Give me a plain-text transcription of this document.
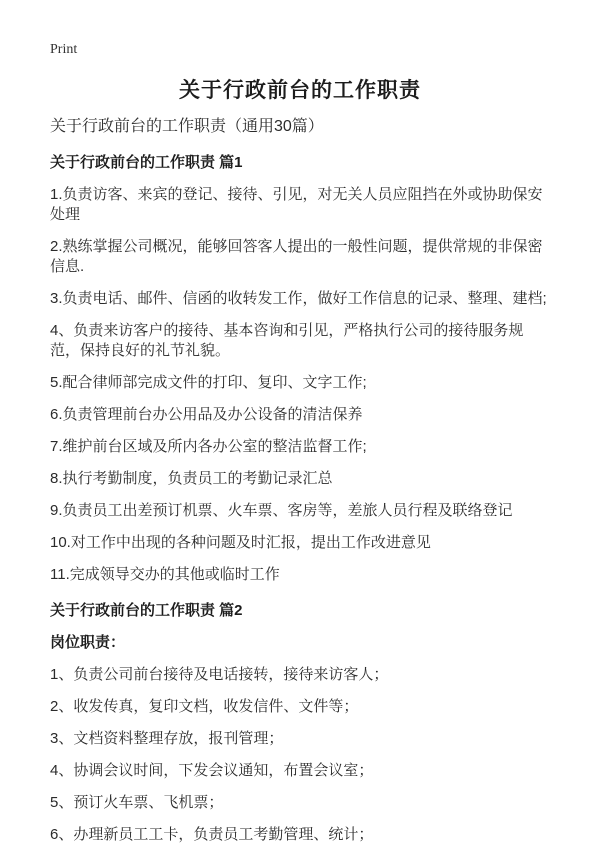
Print
关于行政前台的工作职责

关于行政前台的工作职责（通用30篇）

关于行政前台的工作职责 篇1

1.负责访客、来宾的登记、接待、引见，对无关人员应阻挡在外或协助保安处理

2.熟练掌握公司概况，能够回答客人提出的一般性问题，提供常规的非保密信息.

3.负责电话、邮件、信函的收转发工作，做好工作信息的记录、整理、建档;

4、负责来访客户的接待、基本咨询和引见，严格执行公司的接待服务规范，保持良好的礼节礼貌。

5.配合律师部完成文件的打印、复印、文字工作;

6.负责管理前台办公用品及办公设备的清洁保养

7.维护前台区域及所内各办公室的整洁监督工作;

8.执行考勤制度，负责员工的考勤记录汇总

9.负责员工出差预订机票、火车票、客房等，差旅人员行程及联络登记

10.对工作中出现的各种问题及时汇报，提出工作改进意见

11.完成领导交办的其他或临时工作

关于行政前台的工作职责 篇2
岗位职责：

1、负责公司前台接待及电话接转，接待来访客人；

2、收发传真，复印文档，收发信件、文件等；

3、文档资料整理存放，报刊管理；

4、协调会议时间，下发会议通知，布置会议室；

5、预订火车票、飞机票；

6、办理新员工工卡，负责员工考勤管理、统计；
